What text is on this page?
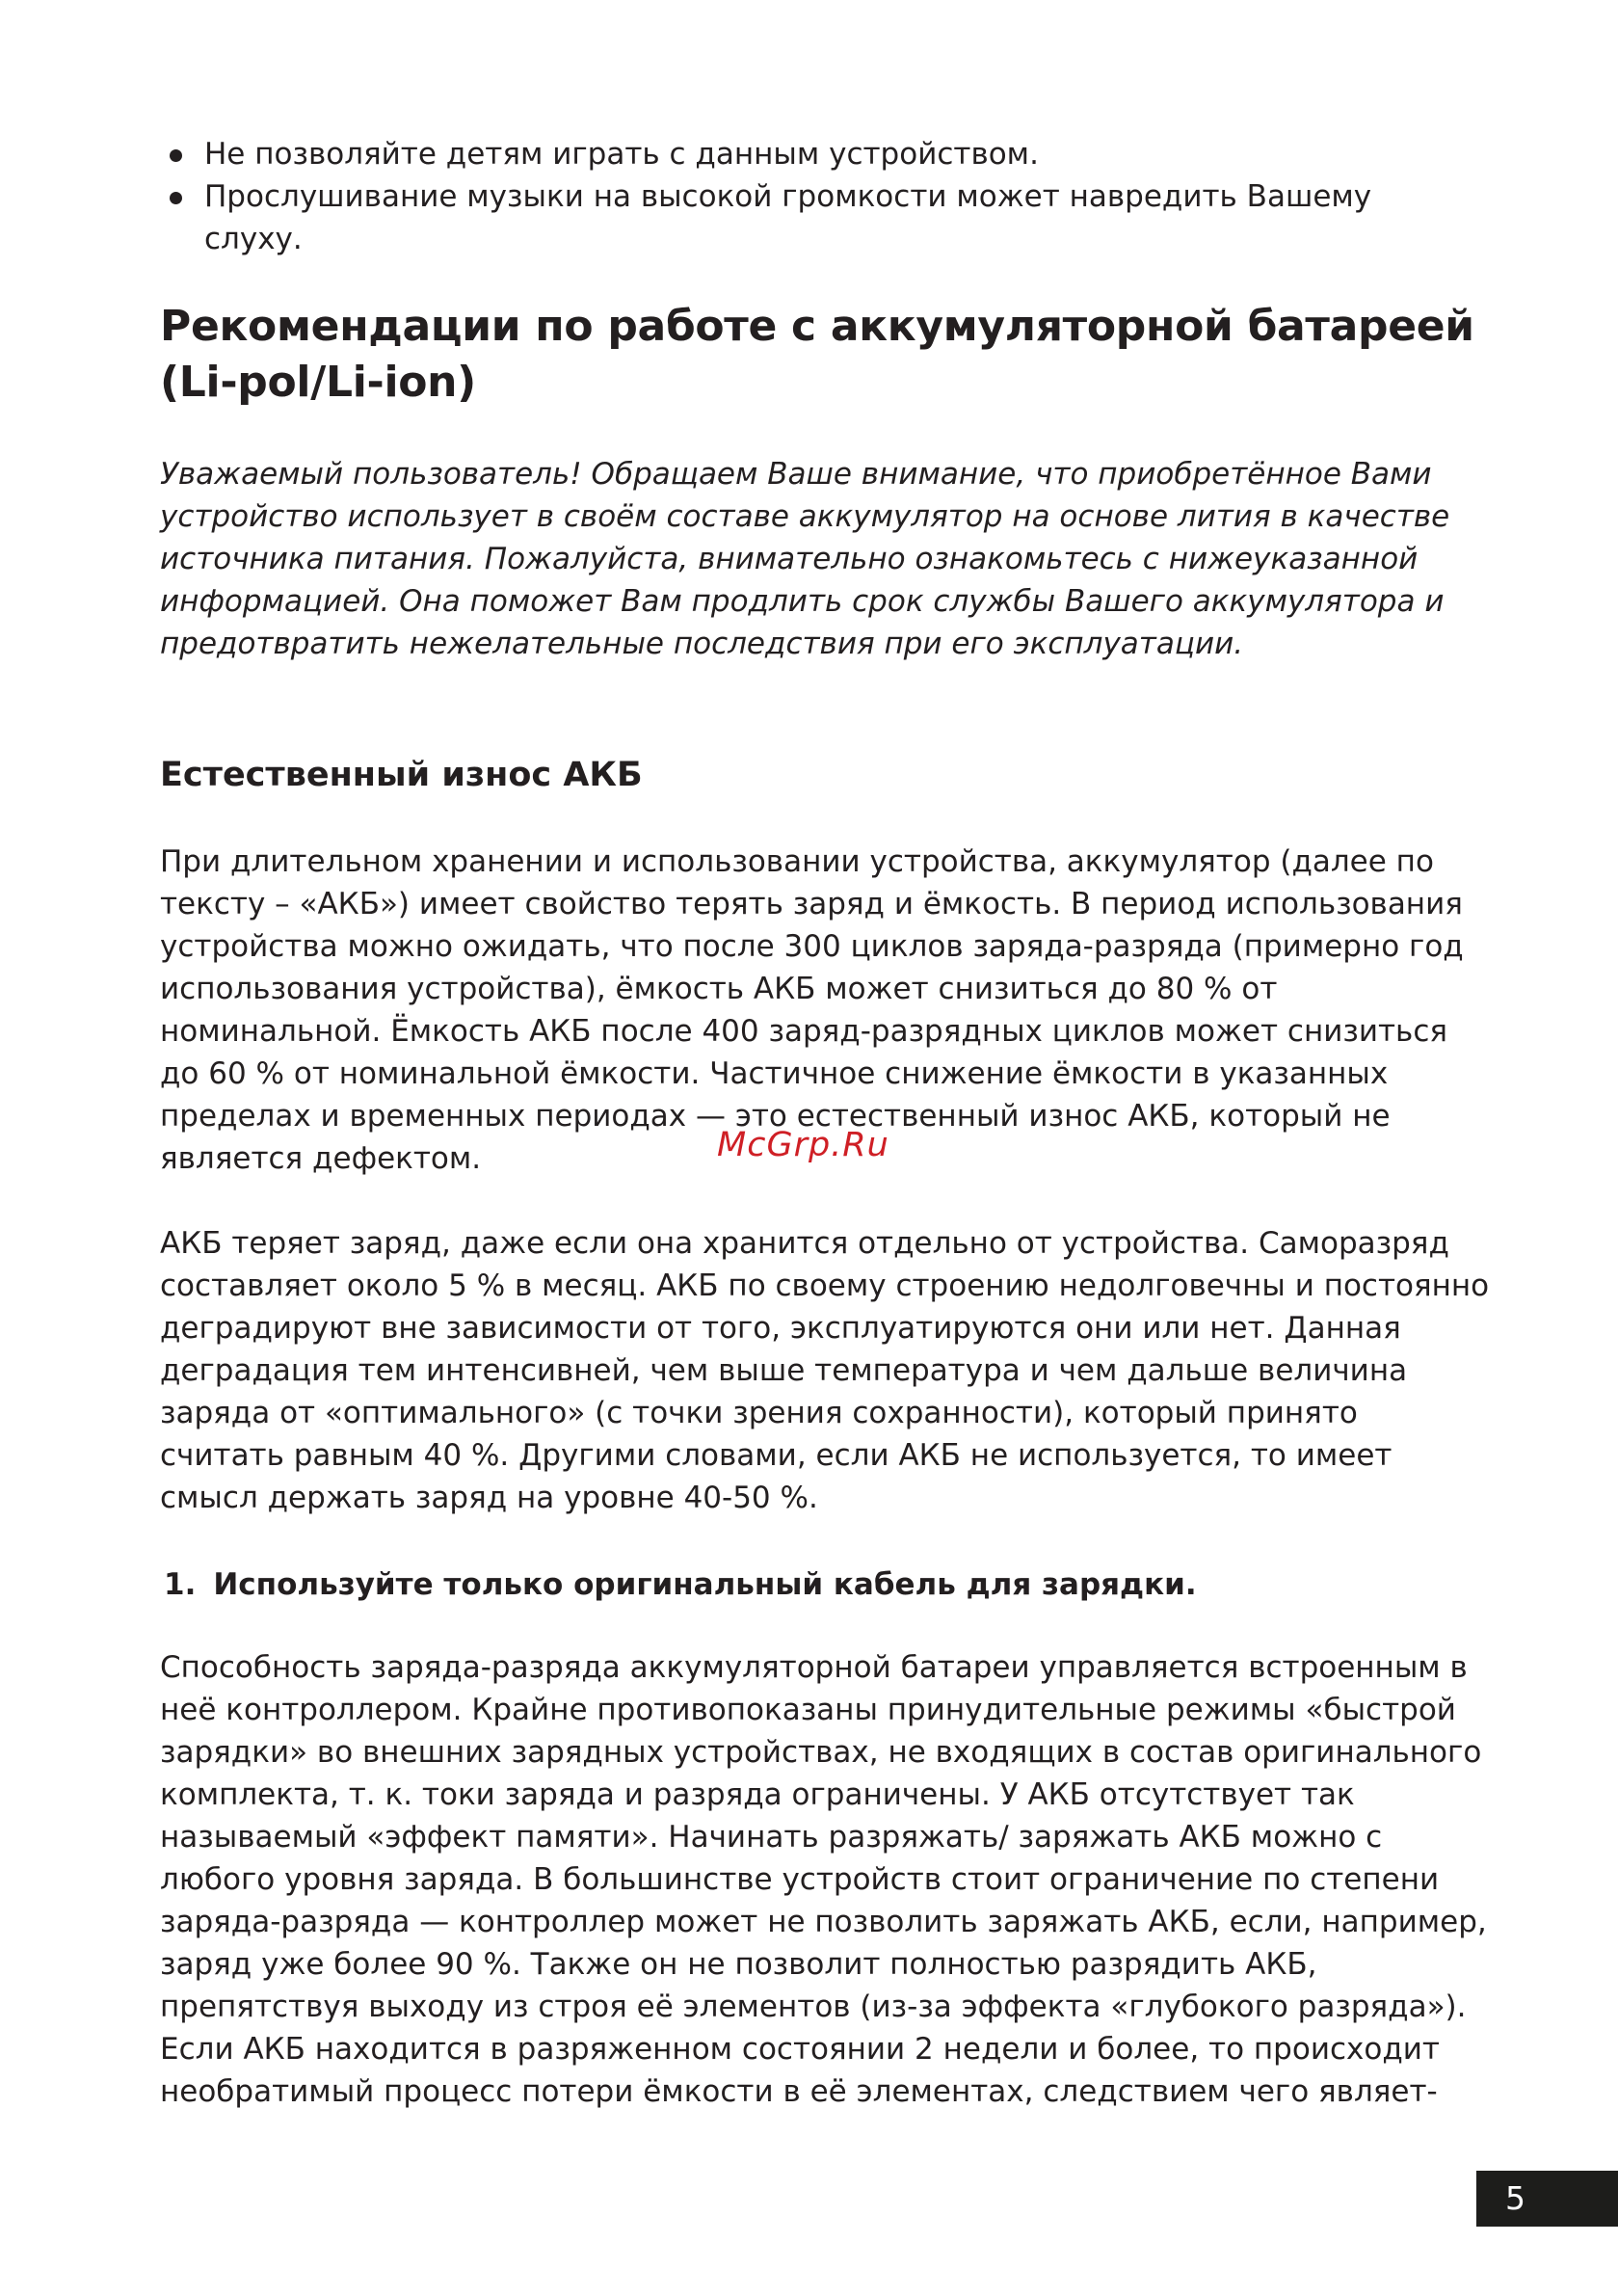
Не позволяйте детям играть с данным устройством.
Прослушивание музыки на высокой громкости может навредить Вашему слуху.
Рекомендации по работе с аккумуляторной батареей (Li-pol/Li-ion)

Уважаемый пользователь! Обращаем Ваше внимание, что приобретённое Вами устройство использует в своём составе аккумулятор на основе лития в качестве источника питания. Пожалуйста, внимательно ознакомьтесь с нижеуказанной информацией. Она поможет Вам продлить срок службы Вашего аккумулятора и предотвратить нежелательные последствия при его эксплуатации.

Естественный износ АКБ

При длительном хранении и использовании устройства, аккумулятор (далее по тексту – «АКБ») имеет свойство терять заряд и ёмкость. В период использования устройства можно ожидать, что после 300 циклов заряда-разряда (примерно год использования устройства), ёмкость АКБ может снизиться до 80 % от номинальной. Ёмкость АКБ после 400 заряд-разрядных циклов может снизиться до 60 % от номинальной ёмкости. Частичное снижение ёмкости в указанных пределах и временных периодах — это естественный износ АКБ, который не является дефектом.	McGrp.Ru

АКБ теряет заряд, даже если она хранится отдельно от устройства. Саморазряд составляет около 5 % в месяц. АКБ по своему строению недолговечны и постоянно деградируют вне зависимости от того, эксплуатируются они или нет. Данная деградация тем интенсивней, чем выше температура и чем дальше величина заряда от «оптимального» (с точки зрения сохранности), который принято считать равным 40 %. Другими словами, если АКБ не используется, то имеет смысл держать заряд на уровне 40-50 %.

1. Используйте только оригинальный кабель для зарядки.

Способность заряда-разряда аккумуляторной батареи управляется встроенным в неё контроллером. Крайне противопоказаны принудительные режимы «быстрой зарядки» во внешних зарядных устройствах, не входящих в состав оригинального комплекта, т. к. токи заряда и разряда ограничены. У АКБ отсутствует так называемый «эффект памяти». Начинать разряжать/ заряжать АКБ можно с любого уровня заряда. В большинстве устройств стоит ограничение по степени заряда-разряда — контроллер может не позволить заряжать АКБ, если, например, заряд уже более 90 %. Также он не позволит полностью разрядить АКБ, препятствуя выходу из строя её элементов (из-за эффекта «глубокого разряда»). Если АКБ находится в разряженном состоянии 2 недели и более, то происходит необратимый процесс потери ёмкости в её элементах, следствием чего являет-

5
